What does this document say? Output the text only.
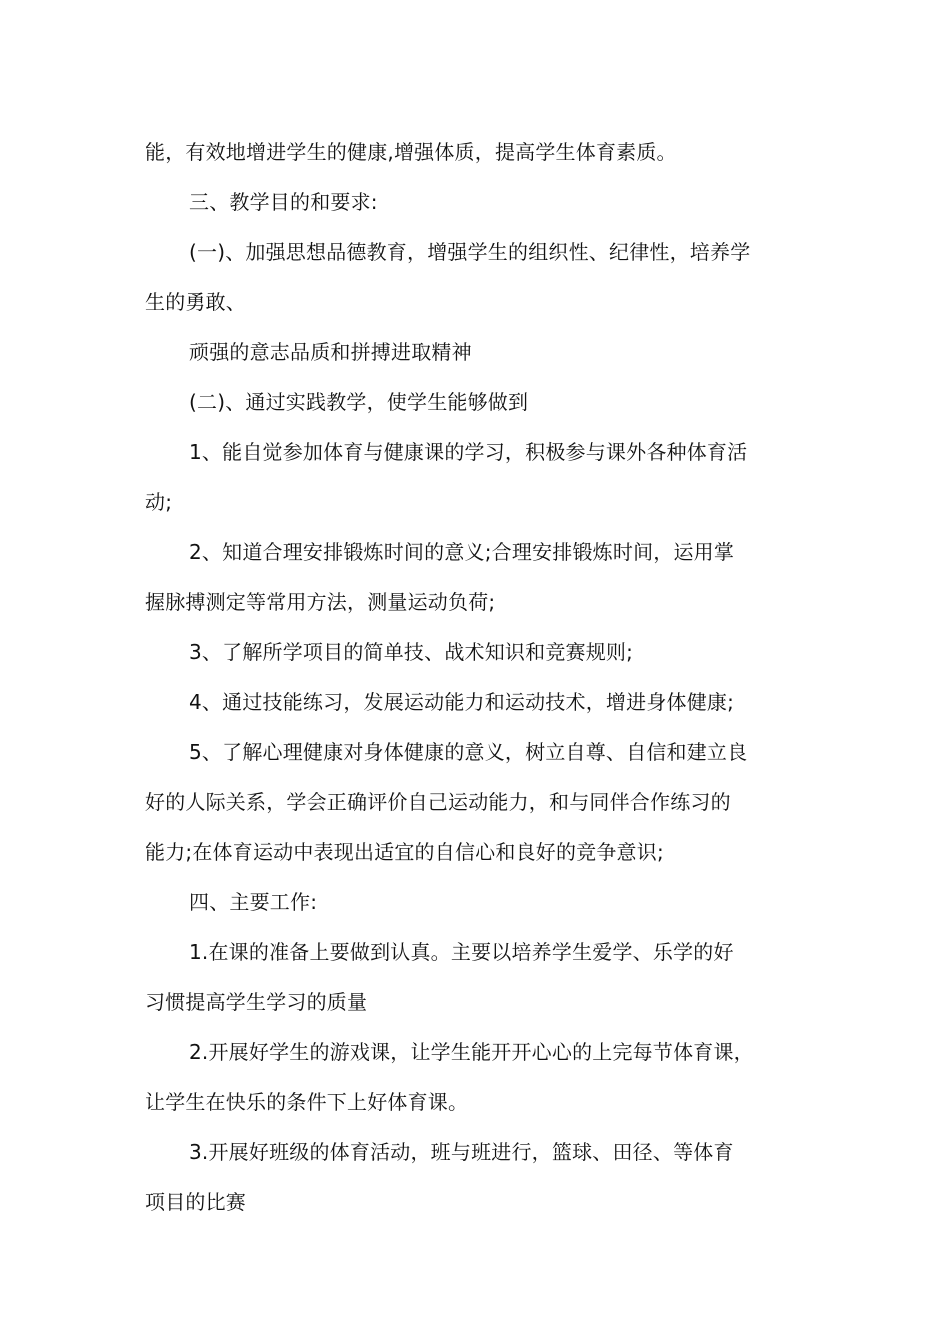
能，有效地增进学生的健康,增强体质，提高学生体育素质。
三、教学目的和要求:
(一)、加强思想品德教育，增强学生的组织性、纪律性，培养学
生的勇敢、
顽强的意志品质和拼搏进取精神
(二)、通过实践教学，使学生能够做到
1、能自觉参加体育与健康课的学习，积极参与课外各种体育活
动;
2、知道合理安排锻炼时间的意义;合理安排锻炼时间，运用掌
握脉搏测定等常用方法，测量运动负荷;
3、了解所学项目的简单技、战术知识和竞赛规则;
4、通过技能练习，发展运动能力和运动技术，增进身体健康;
5、了解心理健康对身体健康的意义，树立自尊、自信和建立良
好的人际关系，学会正确评价自己运动能力，和与同伴合作练习的
能力;在体育运动中表现出适宜的自信心和良好的竞争意识;
四、主要工作:
1.在课的准备上要做到认真。主要以培养学生爱学、乐学的好
习惯提高学生学习的质量
2.开展好学生的游戏课，让学生能开开心心的上完每节体育课，
让学生在快乐的条件下上好体育课。
3.开展好班级的体育活动，班与班进行，篮球、田径、等体育
项目的比赛
